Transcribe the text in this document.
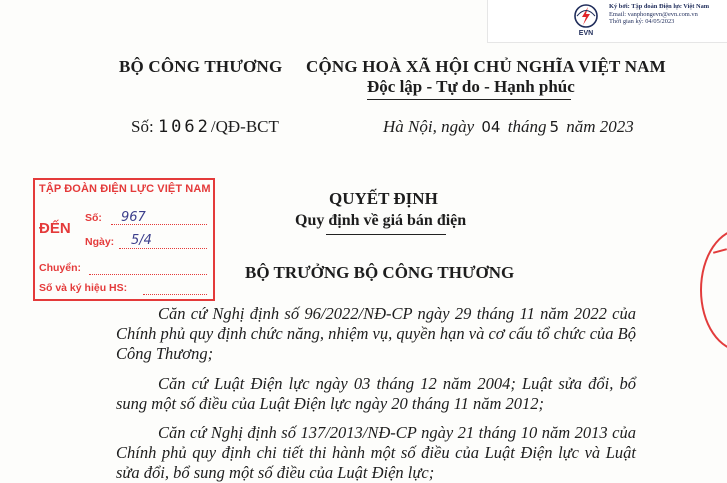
EVN
Ký bởi: Tập đoàn Điện lực Việt Nam
Email: vanphongevn@evn.com.vn
Thời gian ký: 04/05/2023
BỘ CÔNG THƯƠNG CỘNG HOÀ XÃ HỘI CHỦ NGHĨA VIỆT NAM
Độc lập - Tự do - Hạnh phúc
Số: 1062/QĐ-BCT	Hà Nội, ngày 04 tháng 5 năm 2023
TẬP ĐOÀN ĐIỆN LỰC VIỆT NAM
ĐẾN
Số: 967
Ngày: 5/4
Chuyển:
Số và ký hiệu HS:
QUYẾT ĐỊNH
Quy định về giá bán điện
BỘ TRƯỞNG BỘ CÔNG THƯƠNG
Căn cứ Nghị định số 96/2022/NĐ-CP ngày 29 tháng 11 năm 2022 của Chính phủ quy định chức năng, nhiệm vụ, quyền hạn và cơ cấu tổ chức của Bộ Công Thương;
Căn cứ Luật Điện lực ngày 03 tháng 12 năm 2004; Luật sửa đổi, bổ sung một số điều của Luật Điện lực ngày 20 tháng 11 năm 2012;
Căn cứ Nghị định số 137/2013/NĐ-CP ngày 21 tháng 10 năm 2013 của Chính phủ quy định chi tiết thi hành một số điều của Luật Điện lực và Luật sửa đổi, bổ sung một số điều của Luật Điện lực;
